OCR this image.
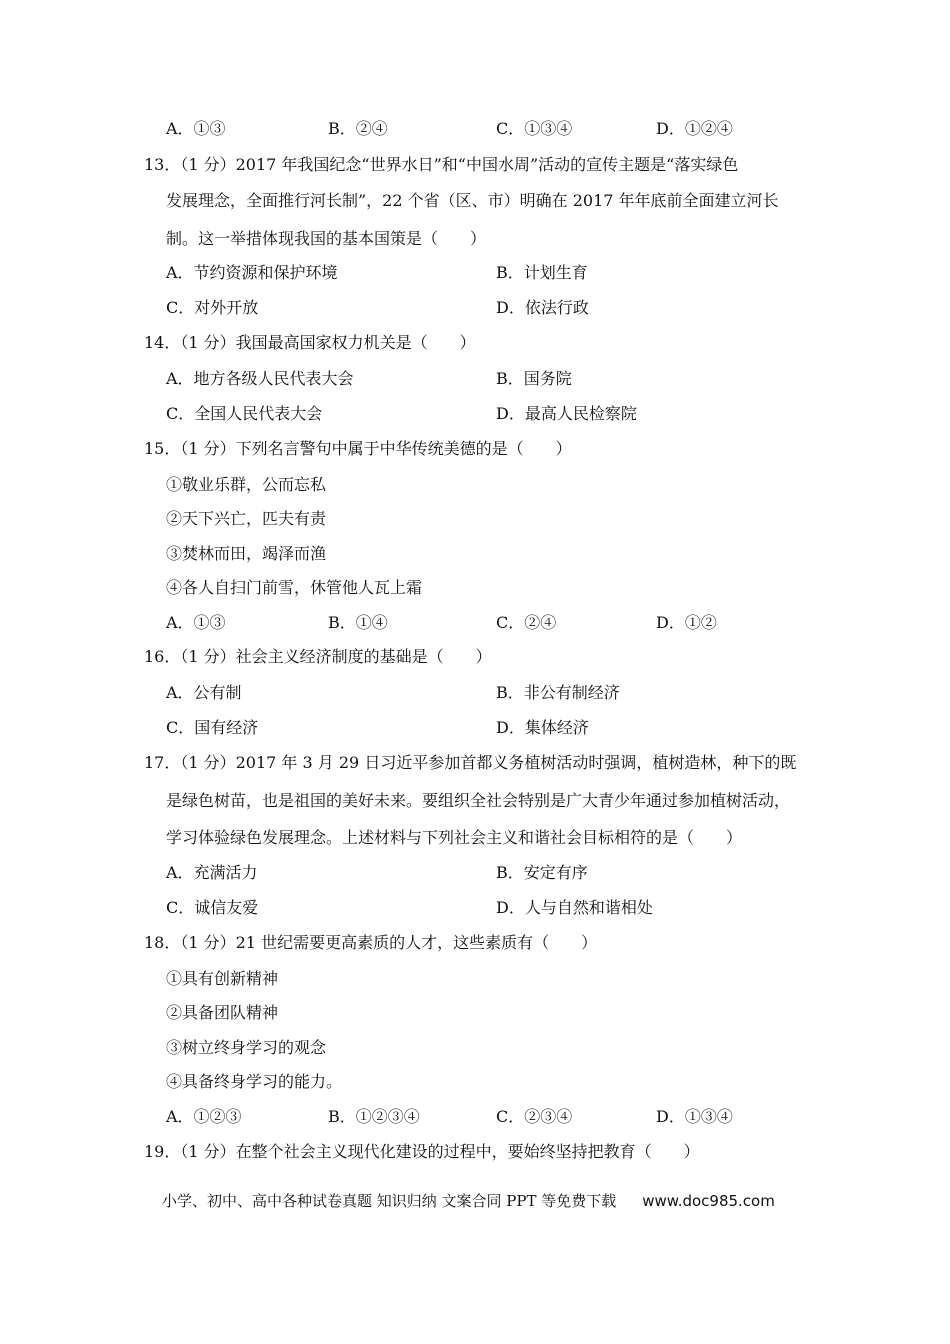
A．①③	B．②④	C．①③④	D．①②④
13．（1 分）2017 年我国纪念“世界水日”和“中国水周”活动的宣传主题是“落实绿色
发展理念，全面推行河长制”，22 个省（区、市）明确在 2017 年年底前全面建立河长
制。这一举措体现我国的基本国策是（　　）
A．节约资源和保护环境	B．计划生育
C．对外开放	D．依法行政
14．（1 分）我国最高国家权力机关是（　　）
A．地方各级人民代表大会	B．国务院
C．全国人民代表大会	D．最高人民检察院
15．（1 分）下列名言警句中属于中华传统美德的是（　　）
①敬业乐群，公而忘私
②天下兴亡，匹夫有责
③焚林而田，竭泽而渔
④各人自扫门前雪，休管他人瓦上霜
A．①③	B．①④	C．②④	D．①②
16．（1 分）社会主义经济制度的基础是（　　）
A．公有制	B．非公有制经济
C．国有经济	D．集体经济
17．（1 分）2017 年 3 月 29 日习近平参加首都义务植树活动时强调，植树造林，种下的既
是绿色树苗，也是祖国的美好未来。要组织全社会特别是广大青少年通过参加植树活动，
学习体验绿色发展理念。上述材料与下列社会主义和谐社会目标相符的是（　　）
A．充满活力	B．安定有序
C．诚信友爱	D．人与自然和谐相处
18．（1 分）21 世纪需要更高素质的人才，这些素质有（　　）
①具有创新精神
②具备团队精神
③树立终身学习的观念
④具备终身学习的能力。
A．①②③	B．①②③④	C．②③④	D．①③④
19．（1 分）在整个社会主义现代化建设的过程中，要始终坚持把教育（　　）
小学、初中、高中各种试卷真题 知识归纳 文案合同 PPT 等免费下载 www.doc985.com
